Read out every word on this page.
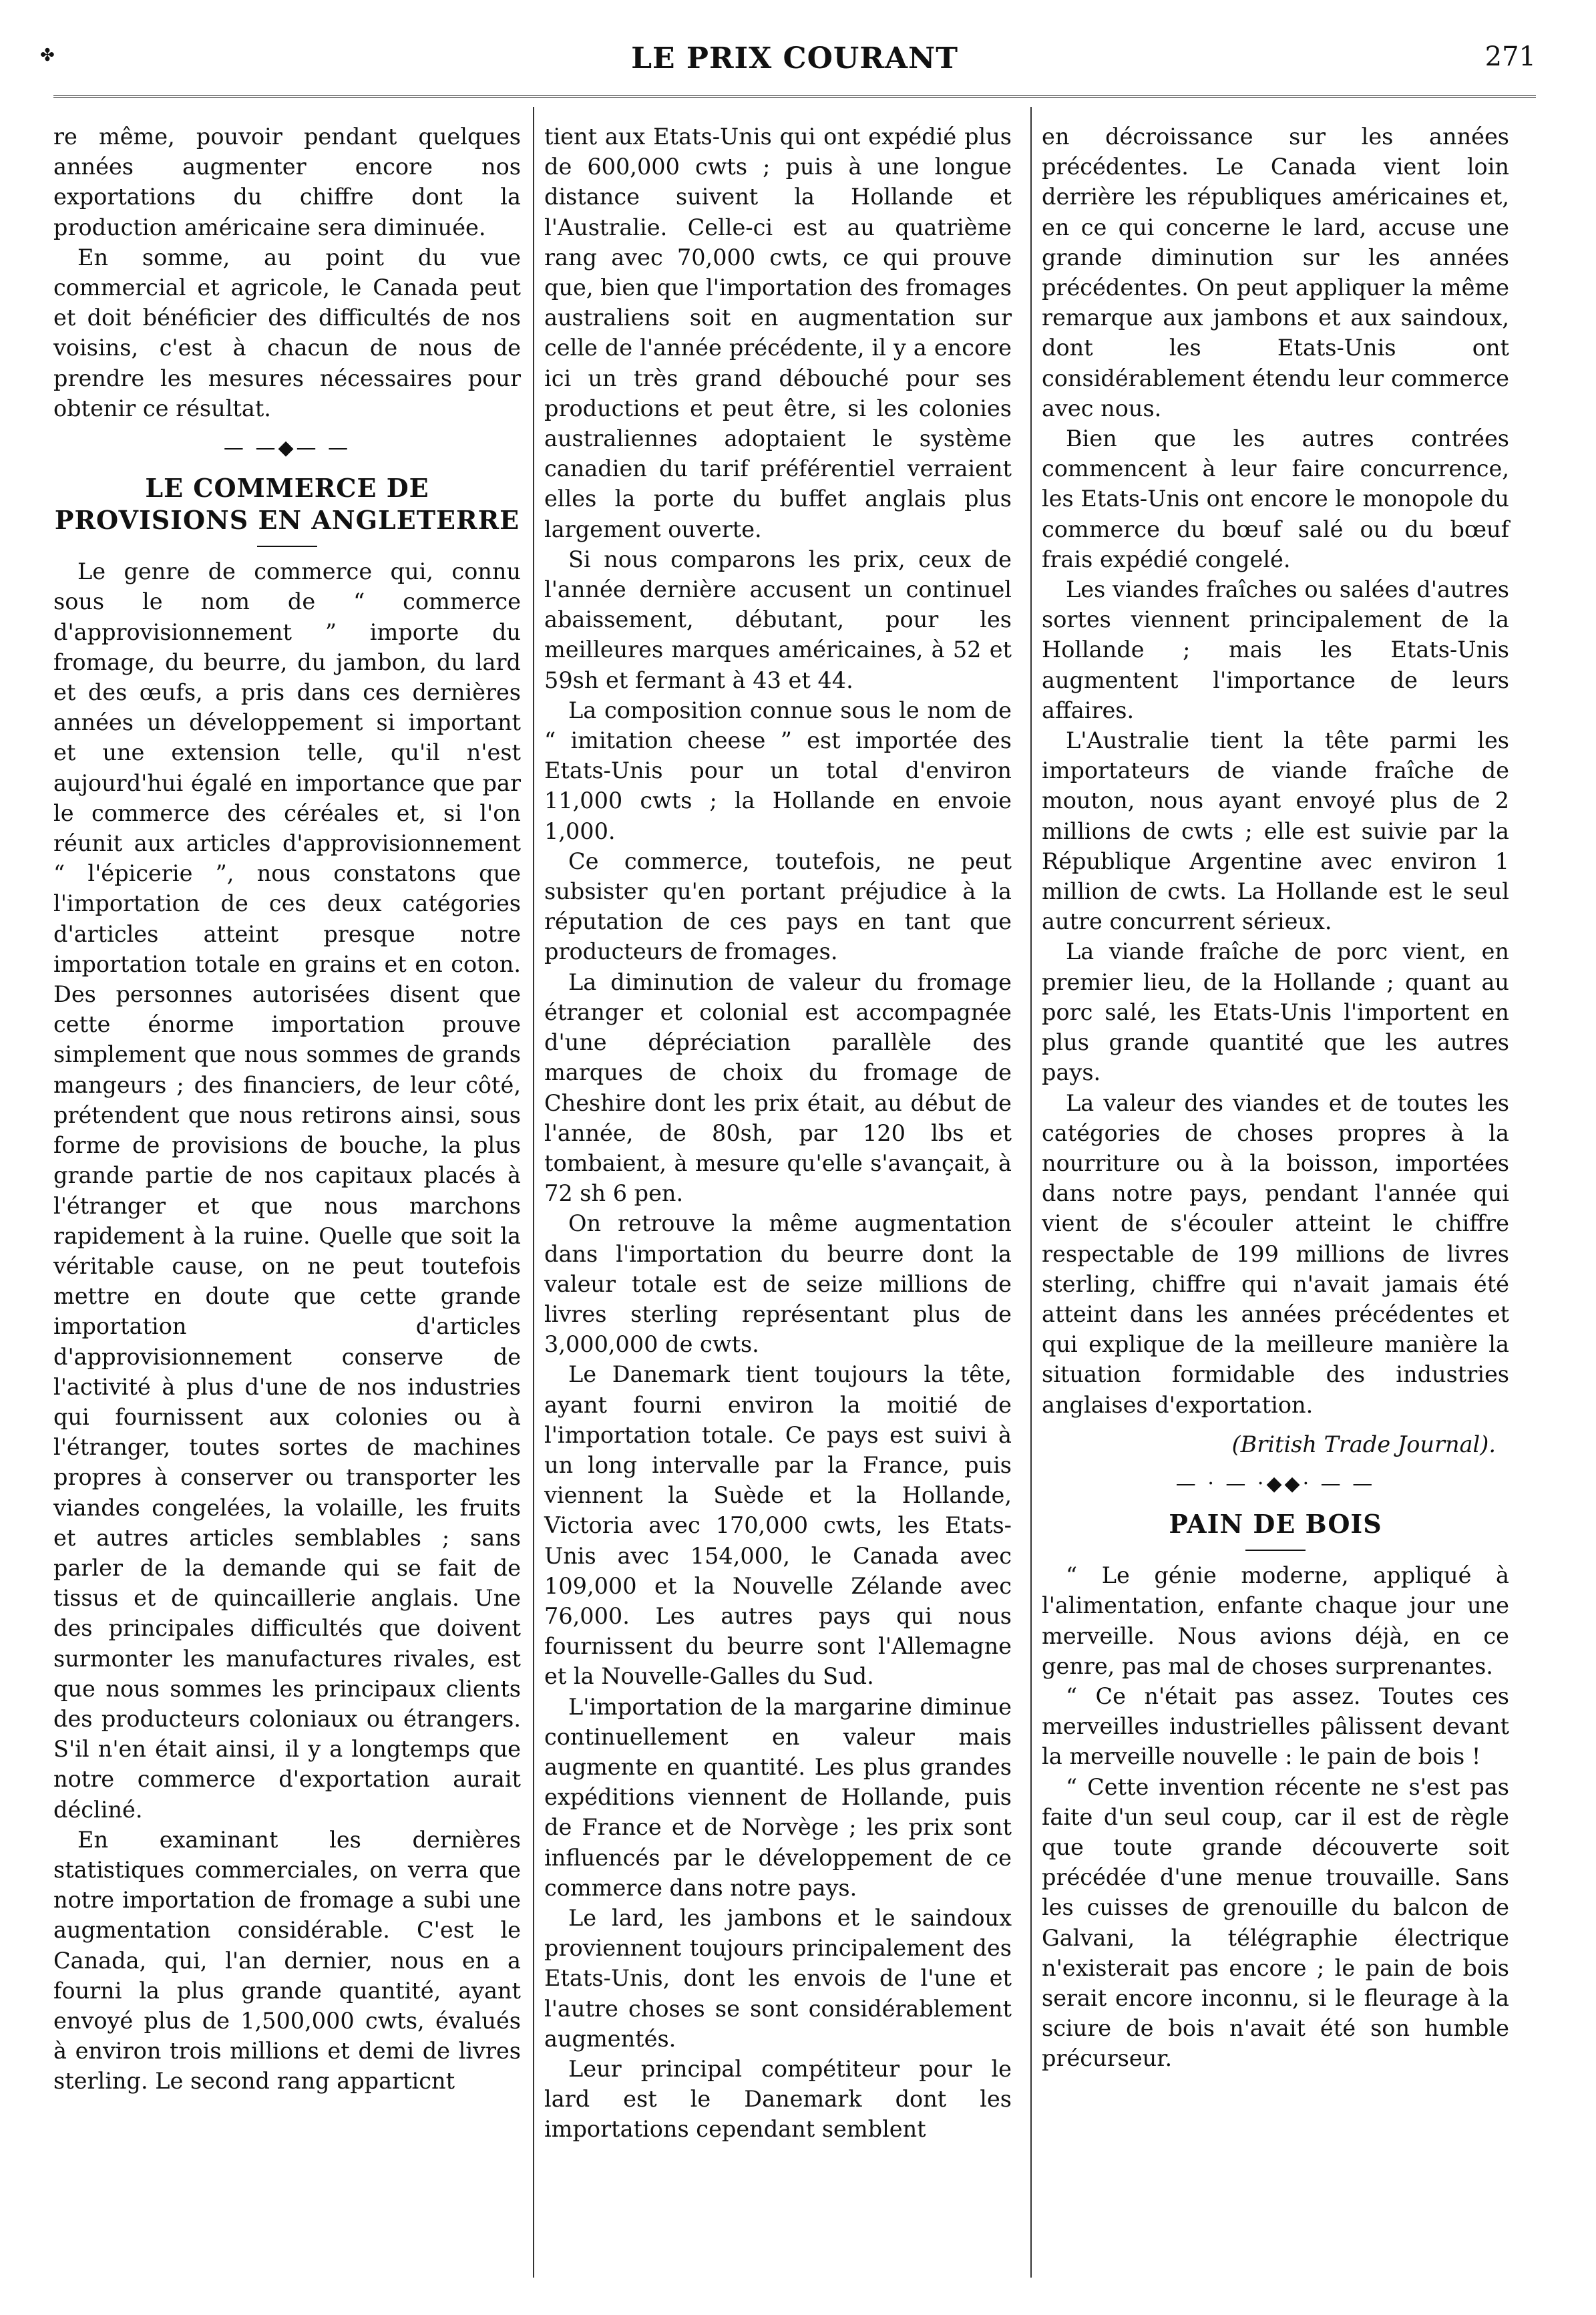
✤	LE PRIX COURANT	271

re même, pouvoir pendant quelques années augmenter encore nos exportations du chiffre dont la production américaine sera diminuée.

En somme, au point du vue commercial et agricole, le Canada peut et doit bénéficier des difficultés de nos voisins, c'est à chacun de nous de prendre les mesures nécessaires pour obtenir ce résultat.

— —◆— —
LE COMMERCE DE PROVISIONS EN ANGLETERRE

Le genre de commerce qui, connu sous le nom de “ commerce d'approvisionnement ” importe du fromage, du beurre, du jambon, du lard et des œufs, a pris dans ces dernières années un développement si important et une extension telle, qu'il n'est aujourd'hui égalé en importance que par le commerce des céréales et, si l'on réunit aux articles d'approvisionnement “ l'épicerie ”, nous constatons que l'importation de ces deux catégories d'articles atteint presque notre importation totale en grains et en coton. Des personnes autorisées disent que cette énorme importation prouve simplement que nous sommes de grands mangeurs ; des financiers, de leur côté, prétendent que nous retirons ainsi, sous forme de provisions de bouche, la plus grande partie de nos capitaux placés à l'étranger et que nous marchons rapidement à la ruine. Quelle que soit la véritable cause, on ne peut toutefois mettre en doute que cette grande importation d'articles d'approvisionnement conserve de l'activité à plus d'une de nos industries qui fournissent aux colonies ou à l'étranger, toutes sortes de machines propres à conserver ou transporter les viandes congelées, la volaille, les fruits et autres articles semblables ; sans parler de la demande qui se fait de tissus et de quincaillerie anglais. Une des principales difficultés que doivent surmonter les manufactures rivales, est que nous sommes les principaux clients des producteurs coloniaux ou étrangers. S'il n'en était ainsi, il y a longtemps que notre commerce d'exportation aurait décliné.

En examinant les dernières statistiques commerciales, on verra que notre importation de fromage a subi une augmentation considérable. C'est le Canada, qui, l'an dernier, nous en a fourni la plus grande quantité, ayant envoyé plus de 1,500,000 cwts, évalués à environ trois millions et demi de livres sterling. Le second rang apparticnt

tient aux Etats-Unis qui ont expédié plus de 600,000 cwts ; puis à une longue distance suivent la Hollande et l'Australie. Celle-ci est au quatrième rang avec 70,000 cwts, ce qui prouve que, bien que l'importation des fromages australiens soit en augmentation sur celle de l'année précédente, il y a encore ici un très grand débouché pour ses productions et peut être, si les colonies australiennes adoptaient le système canadien du tarif préférentiel verraient elles la porte du buffet anglais plus largement ouverte.

Si nous comparons les prix, ceux de l'année dernière accusent un continuel abaissement, débutant, pour les meilleures marques américaines, à 52 et 59sh et fermant à 43 et 44.

La composition connue sous le nom de “ imitation cheese ” est importée des Etats-Unis pour un total d'environ 11,000 cwts ; la Hollande en envoie 1,000.

Ce commerce, toutefois, ne peut subsister qu'en portant préjudice à la réputation de ces pays en tant que producteurs de fromages.

La diminution de valeur du fromage étranger et colonial est accompagnée d'une dépréciation parallèle des marques de choix du fromage de Cheshire dont les prix était, au début de l'année, de 80sh, par 120 lbs et tombaient, à mesure qu'elle s'avançait, à 72 sh 6 pen.

On retrouve la même augmentation dans l'importation du beurre dont la valeur totale est de seize millions de livres sterling représentant plus de 3,000,000 de cwts.

Le Danemark tient toujours la tête, ayant fourni environ la moitié de l'importation totale. Ce pays est suivi à un long intervalle par la France, puis viennent la Suède et la Hollande, Victoria avec 170,000 cwts, les Etats-Unis avec 154,000, le Canada avec 109,000 et la Nouvelle Zélande avec 76,000. Les autres pays qui nous fournissent du beurre sont l'Allemagne et la Nouvelle-Galles du Sud.

L'importation de la margarine diminue continuellement en valeur mais augmente en quantité. Les plus grandes expéditions viennent de Hollande, puis de France et de Norvège ; les prix sont influencés par le développement de ce commerce dans notre pays.

Le lard, les jambons et le saindoux proviennent toujours principalement des Etats-Unis, dont les envois de l'une et l'autre choses se sont considérablement augmentés.

Leur principal compétiteur pour le lard est le Danemark dont les importations cependant semblent

en décroissance sur les années précédentes. Le Canada vient loin derrière les républiques américaines et, en ce qui concerne le lard, accuse une grande diminution sur les années précédentes. On peut appliquer la même remarque aux jambons et aux saindoux, dont les Etats-Unis ont considérablement étendu leur commerce avec nous.

Bien que les autres contrées commencent à leur faire concurrence, les Etats-Unis ont encore le monopole du commerce du bœuf salé ou du bœuf frais expédié congelé.

Les viandes fraîches ou salées d'autres sortes viennent principalement de la Hollande ; mais les Etats-Unis augmentent l'importance de leurs affaires.

L'Australie tient la tête parmi les importateurs de viande fraîche de mouton, nous ayant envoyé plus de 2 millions de cwts ; elle est suivie par la République Argentine avec environ 1 million de cwts. La Hollande est le seul autre concurrent sérieux.

La viande fraîche de porc vient, en premier lieu, de la Hollande ; quant au porc salé, les Etats-Unis l'importent en plus grande quantité que les autres pays.

La valeur des viandes et de toutes les catégories de choses propres à la nourriture ou à la boisson, importées dans notre pays, pendant l'année qui vient de s'écouler atteint le chiffre respectable de 199 millions de livres sterling, chiffre qui n'avait jamais été atteint dans les années précédentes et qui explique de la meilleure manière la situation formidable des industries anglaises d'exportation.

(British Trade Journal).
— · — ·◆◆· — —
PAIN DE BOIS

“ Le génie moderne, appliqué à l'alimentation, enfante chaque jour une merveille. Nous avions déjà, en ce genre, pas mal de choses surprenantes.

“ Ce n'était pas assez. Toutes ces merveilles industrielles pâlissent devant la merveille nouvelle : le pain de bois !

“ Cette invention récente ne s'est pas faite d'un seul coup, car il est de règle que toute grande découverte soit précédée d'une menue trouvaille. Sans les cuisses de grenouille du balcon de Galvani, la télégraphie électrique n'existerait pas encore ; le pain de bois serait encore inconnu, si le fleurage à la sciure de bois n'avait été son humble précurseur.
